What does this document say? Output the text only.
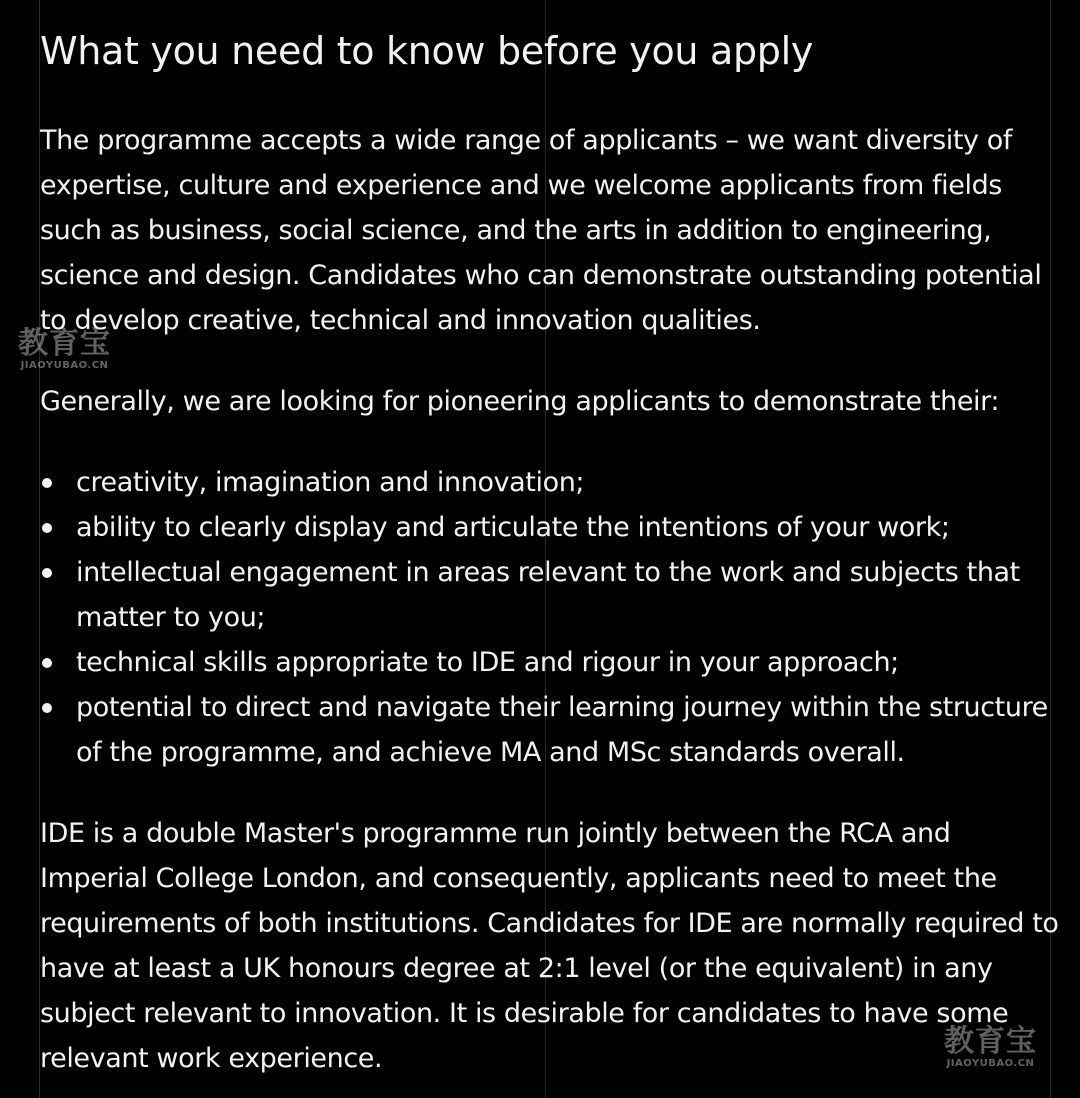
What you need to know before you apply

The programme accepts a wide range of applicants – we want diversity of expertise, culture and experience and we welcome applicants from fields such as business, social science, and the arts in addition to engineering, science and design. Candidates who can demonstrate outstanding potential to develop creative, technical and innovation qualities.

Generally, we are looking for pioneering applicants to demonstrate their:

creativity, imagination and innovation;
ability to clearly display and articulate the intentions of your work;
intellectual engagement in areas relevant to the work and subjects that matter to you;
technical skills appropriate to IDE and rigour in your approach;
potential to direct and navigate their learning journey within the structure of the programme, and achieve MA and MSc standards overall.

IDE is a double Master's programme run jointly between the RCA and Imperial College London, and consequently, applicants need to meet the requirements of both institutions. Candidates for IDE are normally required to have at least a UK honours degree at 2:1 level (or the equivalent) in any subject relevant to innovation. It is desirable for candidates to have some relevant work experience.

教育宝
JIAOYUBAO.CN
教育宝
JIAOYUBAO.CN
